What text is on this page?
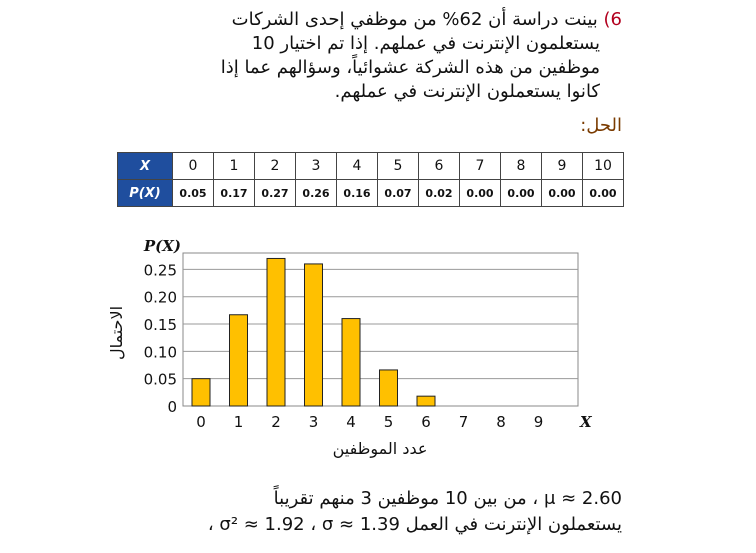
6) بينت دراسة أن 62% من موظفي إحدى الشركات
يستعلمون الإنترنت في عملهم. إذا تم اختيار 10
موظفين من هذه الشركة عشوائياً، وسؤالهم عما إذا
كانوا يستعملون الإنترنت في عملهم.
الحل:
X	0	1	2	3	4	5	6	7	8	9	10
P(X)	0.05	0.17	0.27	0.26	0.16	0.07	0.02	0.00	0.00	0.00	0.00
0
0.05
0.10
0.15
0.20
0.25
0 1 2 3 4 5 6 7 8 9 X
P(X)
عدد الموظفين
الاحتمال
μ ≈ 2.60 ، من بين 10 موظفين 3 منهم تقريباً
يستعملون الإنترنت في العمل σ² ≈ 1.92 ، σ ≈ 1.39 ،
